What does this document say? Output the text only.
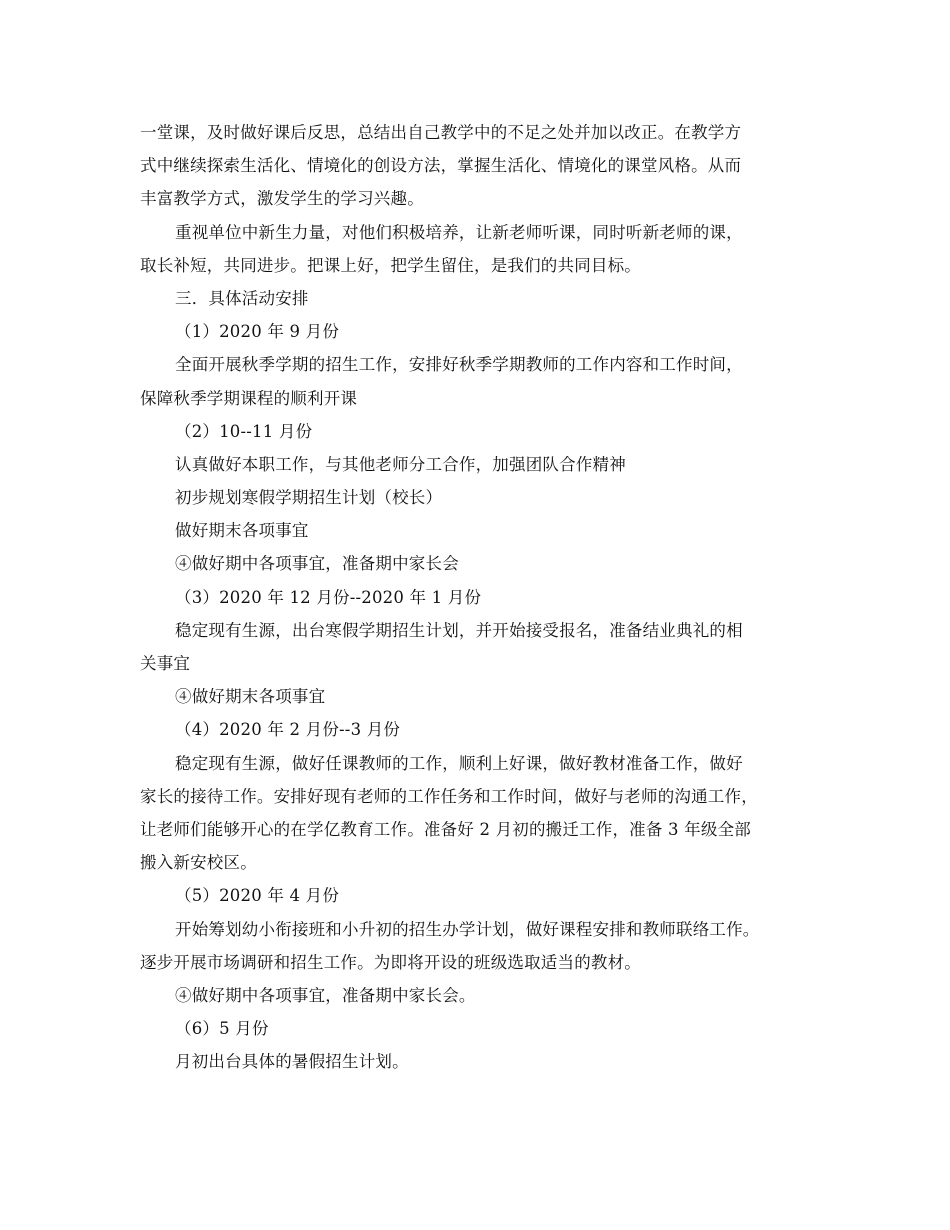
一堂课，及时做好课后反思，总结出自己教学中的不足之处并加以改正。在教学方
式中继续探索生活化、情境化的创设方法，掌握生活化、情境化的课堂风格。从而
丰富教学方式，激发学生的学习兴趣。
重视单位中新生力量，对他们积极培养，让新老师听课，同时听新老师的课，
取长补短，共同进步。把课上好，把学生留住，是我们的共同目标。
三．具体活动安排
（1）2020 年 9 月份
全面开展秋季学期的招生工作，安排好秋季学期教师的工作内容和工作时间，
保障秋季学期课程的顺利开课
（2）10--11 月份
认真做好本职工作，与其他老师分工合作，加强团队合作精神
初步规划寒假学期招生计划（校长）
做好期末各项事宜
④做好期中各项事宜，准备期中家长会
（3）2020 年 12 月份--2020 年 1 月份
稳定现有生源，出台寒假学期招生计划，并开始接受报名，准备结业典礼的相
关事宜
④做好期末各项事宜
（4）2020 年 2 月份--3 月份
稳定现有生源，做好任课教师的工作，顺利上好课，做好教材准备工作，做好
家长的接待工作。安排好现有老师的工作任务和工作时间，做好与老师的沟通工作，
让老师们能够开心的在学亿教育工作。准备好 2 月初的搬迁工作，准备 3 年级全部
搬入新安校区。
（5）2020 年 4 月份
开始筹划幼小衔接班和小升初的招生办学计划，做好课程安排和教师联络工作。
逐步开展市场调研和招生工作。为即将开设的班级选取适当的教材。
④做好期中各项事宜，准备期中家长会。
（6）5 月份
月初出台具体的暑假招生计划。
